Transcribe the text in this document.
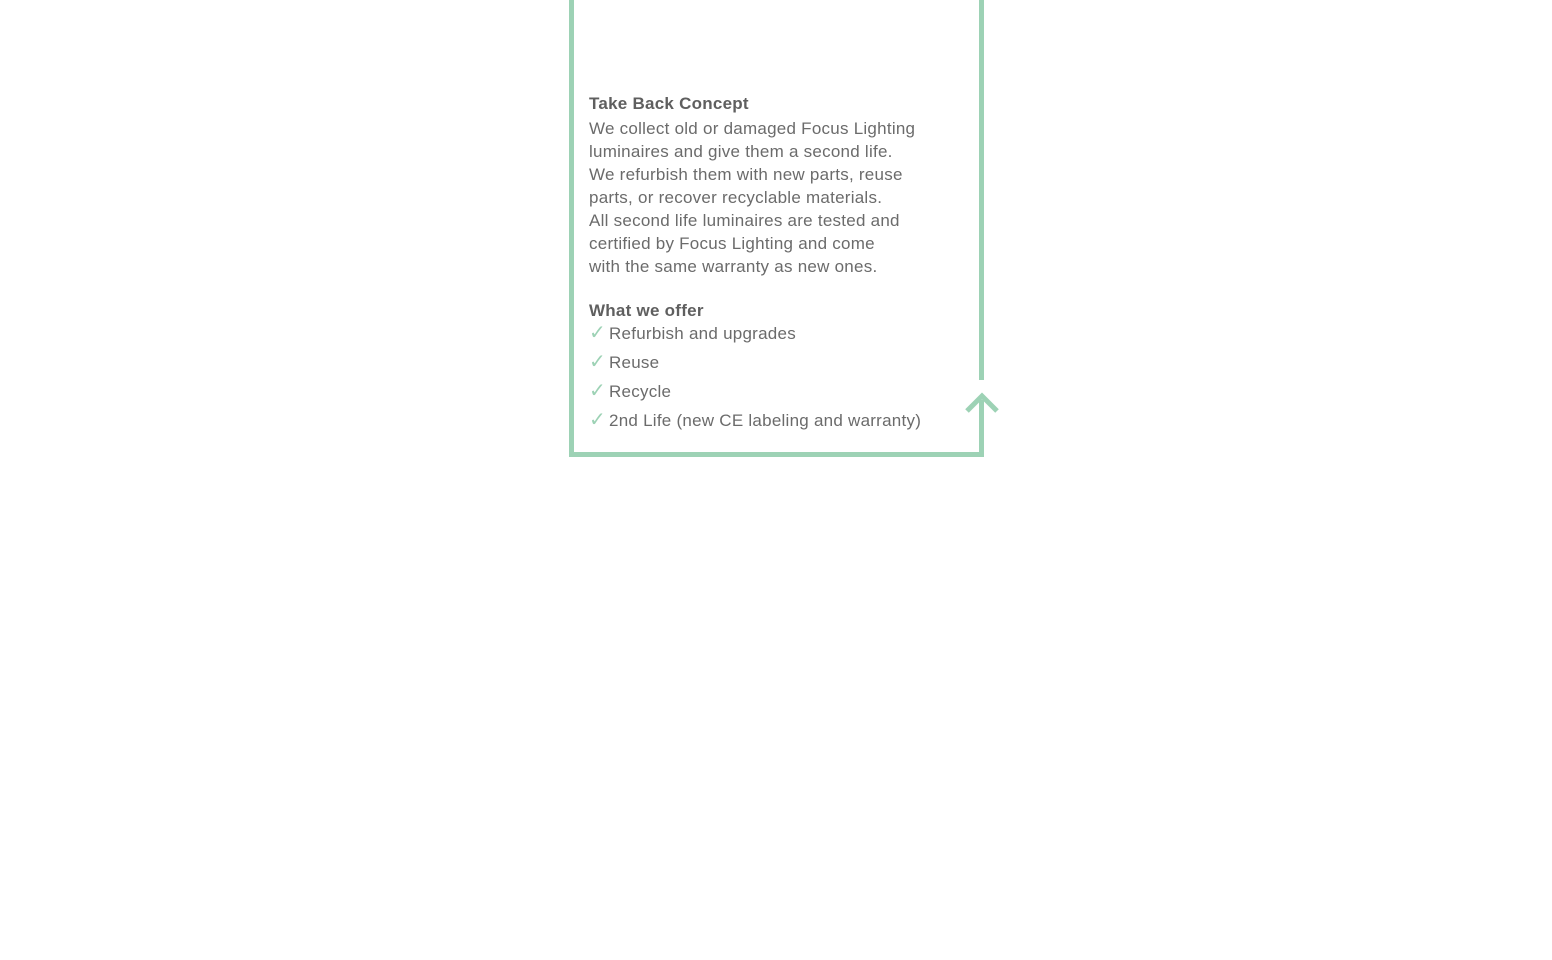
Take Back Concept
We collect old or damaged Focus Lighting
luminaires and give them a second life.
We refurbish them with new parts, reuse
parts, or recover recyclable materials.
All second life luminaires are tested and
certified by Focus Lighting and come
with the same warranty as new ones.
What we offer
✓ Refurbish and upgrades
✓ Reuse
✓ Recycle
✓ 2nd Life (new CE labeling and warranty)
